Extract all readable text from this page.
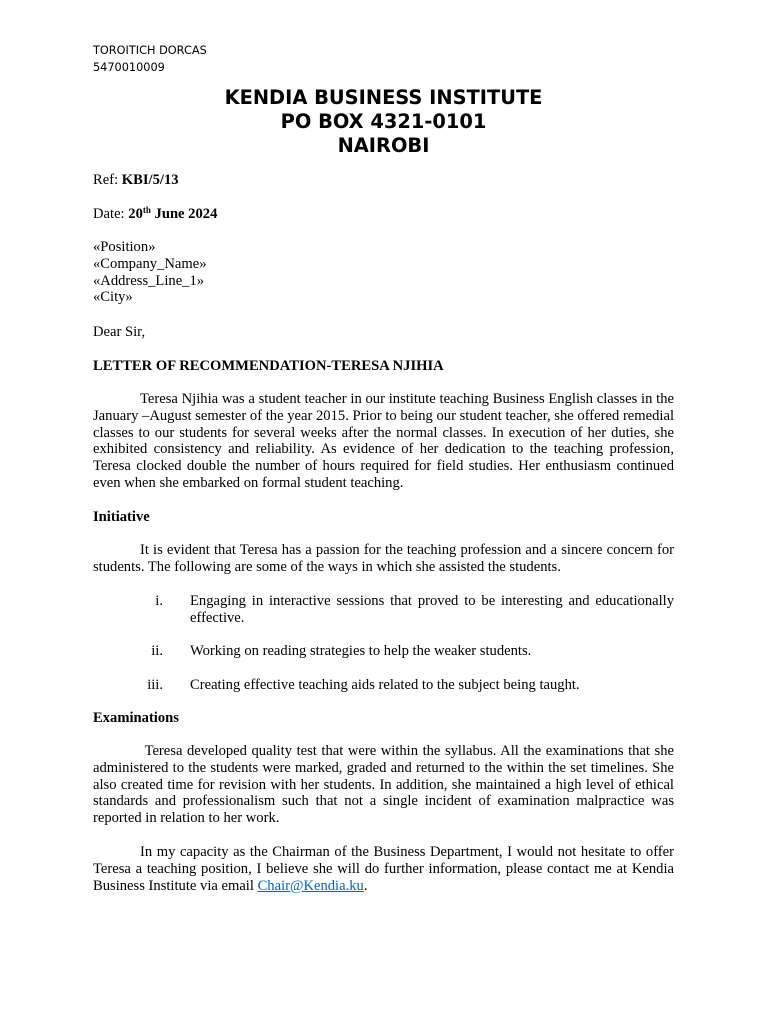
TOROITICH DORCAS
5470010009
KENDIA BUSINESS INSTITUTE
PO BOX 4321-0101
NAIROBI
Ref: KBI/5/13
Date: 20th June 2024
«Position»
«Company_Name»
«Address_Line_1»
«City»
Dear Sir,
LETTER OF RECOMMENDATION-TERESA NJIHIA
Teresa Njihia was a student teacher in our institute teaching Business English classes in the January –August semester of the year 2015. Prior to being our student teacher, she offered remedial classes to our students for several weeks after the normal classes. In execution of her duties, she exhibited consistency and reliability. As evidence of her dedication to the teaching profession, Teresa clocked double the number of hours required for field studies. Her enthusiasm continued even when she embarked on formal student teaching.
Initiative
It is evident that Teresa has a passion for the teaching profession and a sincere concern for students. The following are some of the ways in which she assisted the students.
i. Engaging in interactive sessions that proved to be interesting and educationally effective.
ii. Working on reading strategies to help the weaker students.
iii. Creating effective teaching aids related to the subject being taught.
Examinations
Teresa developed quality test that were within the syllabus. All the examinations that she administered to the students were marked, graded and returned to the within the set timelines. She also created time for revision with her students. In addition, she maintained a high level of ethical standards and professionalism such that not a single incident of examination malpractice was reported in relation to her work.
In my capacity as the Chairman of the Business Department, I would not hesitate to offer Teresa a teaching position, I believe she will do further information, please contact me at Kendia Business Institute via email Chair@Kendia.ku.
